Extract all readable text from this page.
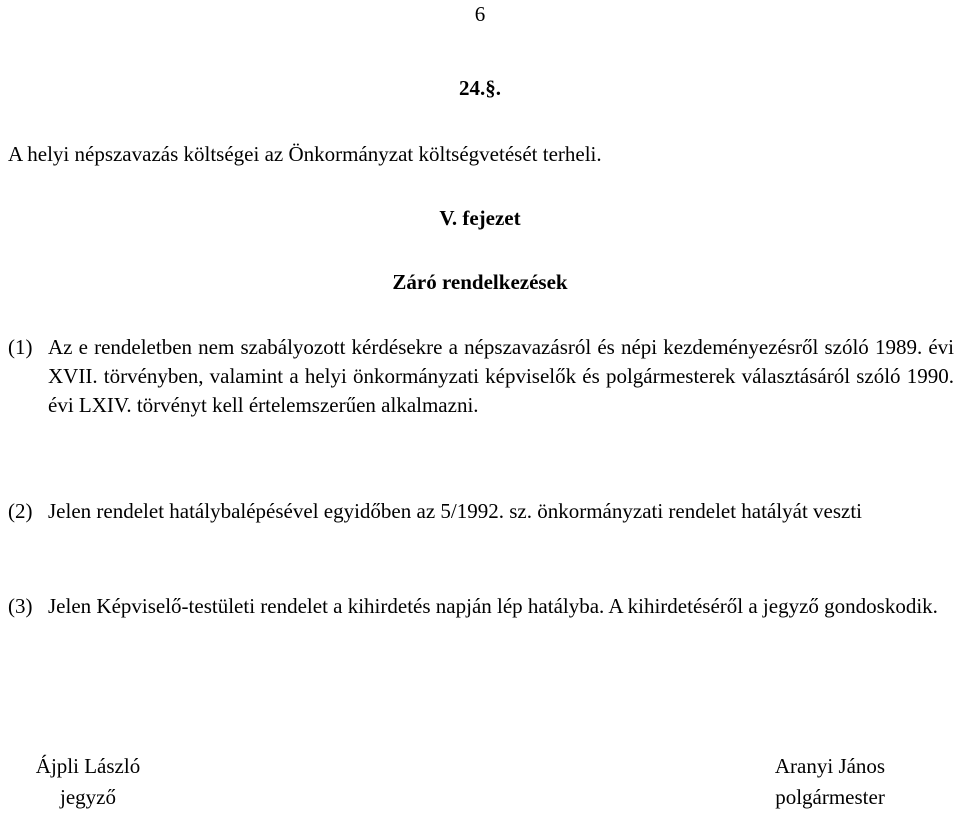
6
24.§.
A helyi népszavazás költségei az Önkormányzat költségvetését terheli.
V. fejezet
Záró rendelkezések
(1) Az e rendeletben nem szabályozott kérdésekre a népszavazásról és népi kezdeményezésről szóló 1989. évi XVII. törvényben, valamint a helyi önkormányzati képviselők és polgármesterek választásáról szóló 1990. évi LXIV. törvényt kell értelemszerűen alkalmazni.
(2) Jelen rendelet hatálybalépésével egyidőben az 5/1992. sz. önkormányzati rendelet hatályát veszti
(3) Jelen Képviselő-testületi rendelet a kihirdetés napján lép hatályba. A kihirdetéséről a jegyző gondoskodik.
Ájpli László
jegyző
Aranyi János
polgármester
